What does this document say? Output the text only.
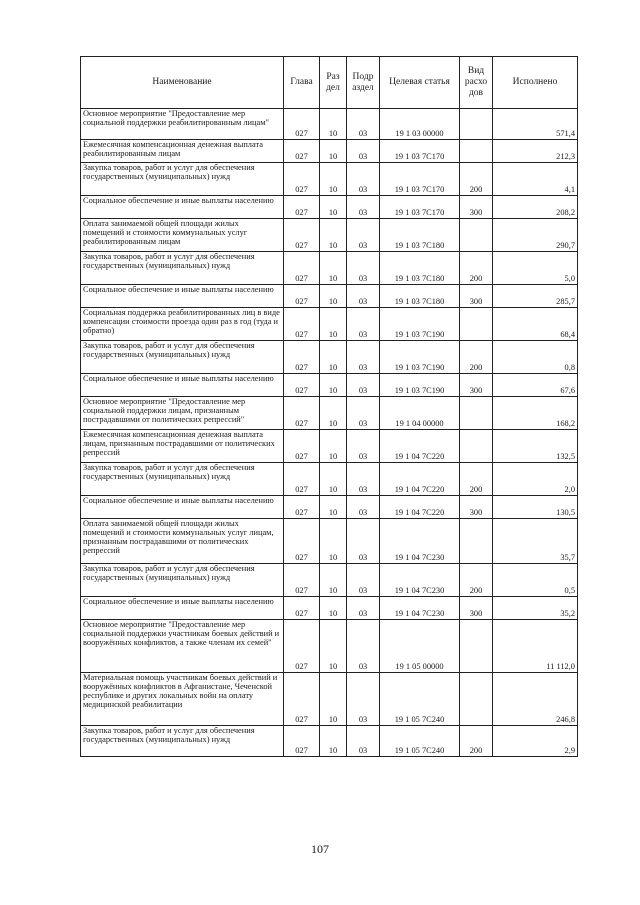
Наименование	Глава	Раз дел	Подр аздел	Целевая статья	Вид расхо дов	Исполнено
Основное мероприятие "Предоставление мер социальной поддержки реабилитированным лицам"	027	10	03	19 1 03 00000		571,4
Ежемесячная компенсационная денежная выплата реабилитированным лицам	027	10	03	19 1 03 7С170		212,3
Закупка товаров, работ и услуг для обеспечения государственных (муниципальных) нужд	027	10	03	19 1 03 7С170	200	4,1
Социальное обеспечение и иные выплаты населению	027	10	03	19 1 03 7С170	300	208,2
Оплата занимаемой общей площади жилых помещений и стоимости коммунальных услуг реабилитированным лицам	027	10	03	19 1 03 7С180		290,7
Закупка товаров, работ и услуг для обеспечения государственных (муниципальных) нужд	027	10	03	19 1 03 7С180	200	5,0
Социальное обеспечение и иные выплаты населению	027	10	03	19 1 03 7С180	300	285,7
Социальная поддержка реабилитированных лиц в виде компенсации стоимости проезда один раз в год (туда и обратно)	027	10	03	19 1 03 7С190		68,4
Закупка товаров, работ и услуг для обеспечения государственных (муниципальных) нужд	027	10	03	19 1 03 7С190	200	0,8
Социальное обеспечение и иные выплаты населению	027	10	03	19 1 03 7С190	300	67,6
Основное мероприятие "Предоставление мер социальной поддержки лицам, признанным пострадавшими от политических репрессий"	027	10	03	19 1 04 00000		168,2
Ежемесячная компенсационная денежная выплата лицам, признанным пострадавшими от политических репрессий	027	10	03	19 1 04 7С220		132,5
Закупка товаров, работ и услуг для обеспечения государственных (муниципальных) нужд	027	10	03	19 1 04 7С220	200	2,0
Социальное обеспечение и иные выплаты населению	027	10	03	19 1 04 7С220	300	130,5
Оплата занимаемой общей площади жилых помещений и стоимости коммунальных услуг лицам, признанным пострадавшими от политических репрессий	027	10	03	19 1 04 7С230		35,7
Закупка товаров, работ и услуг для обеспечения государственных (муниципальных) нужд	027	10	03	19 1 04 7С230	200	0,5
Социальное обеспечение и иные выплаты населению	027	10	03	19 1 04 7С230	300	35,2
Основное мероприятие "Предоставление мер социальной поддержки участникам боевых действий и вооружённых конфликтов, а также членам их семей"	027	10	03	19 1 05 00000		11 112,0
Материальная помощь участникам боевых действий и вооружённых конфликтов в Афганистане, Чеченской республике и других локальных войн на оплату медицинской реабилитации	027	10	03	19 1 05 7С240		246,8
Закупка товаров, работ и услуг для обеспечения государственных (муниципальных) нужд	027	10	03	19 1 05 7С240	200	2,9
107
